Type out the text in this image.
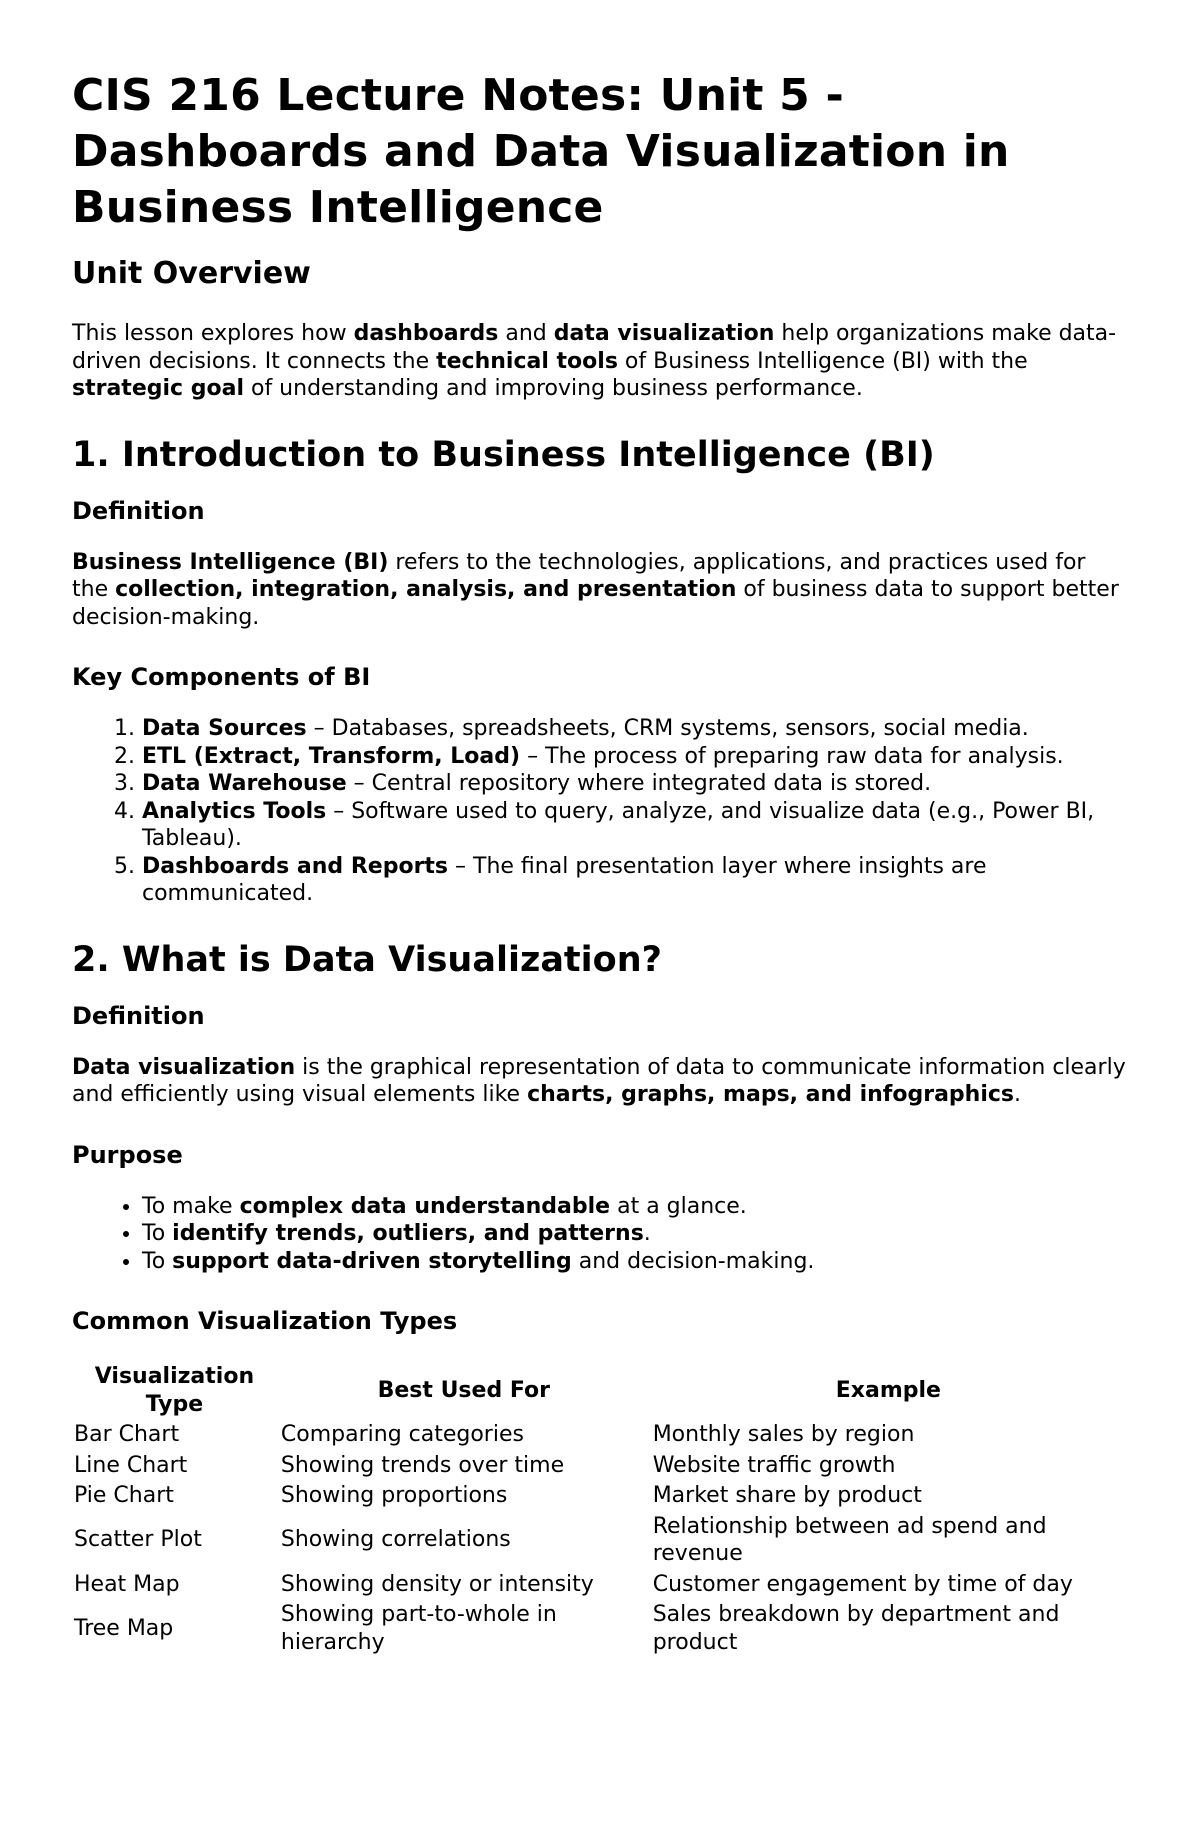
CIS 216 Lecture Notes: Unit 5 - Dashboards and Data Visualization in Business Intelligence
Unit Overview

This lesson explores how dashboards and data visualization help organizations make data-driven decisions. It connects the technical tools of Business Intelligence (BI) with the strategic goal of understanding and improving business performance.

1. Introduction to Business Intelligence (BI)
Definition

Business Intelligence (BI) refers to the technologies, applications, and practices used for the collection, integration, analysis, and presentation of business data to support better decision-making.

Key Components of BI
1. Data Sources – Databases, spreadsheets, CRM systems, sensors, social media.
2. ETL (Extract, Transform, Load) – The process of preparing raw data for analysis.
3. Data Warehouse – Central repository where integrated data is stored.
4. Analytics Tools – Software used to query, analyze, and visualize data (e.g., Power BI, Tableau).
5. Dashboards and Reports – The final presentation layer where insights are communicated.
2. What is Data Visualization?
Definition

Data visualization is the graphical representation of data to communicate information clearly and efficiently using visual elements like charts, graphs, maps, and infographics.

Purpose
• To make complex data understandable at a glance.
• To identify trends, outliers, and patterns.
• To support data-driven storytelling and decision-making.
Common Visualization Types
Visualization Type	Best Used For	Example
Bar Chart	Comparing categories	Monthly sales by region
Line Chart	Showing trends over time	Website traffic growth
Pie Chart	Showing proportions	Market share by product
Scatter Plot	Showing correlations	Relationship between ad spend and revenue
Heat Map	Showing density or intensity	Customer engagement by time of day
Tree Map	Showing part-to-whole in hierarchy	Sales breakdown by department and product
